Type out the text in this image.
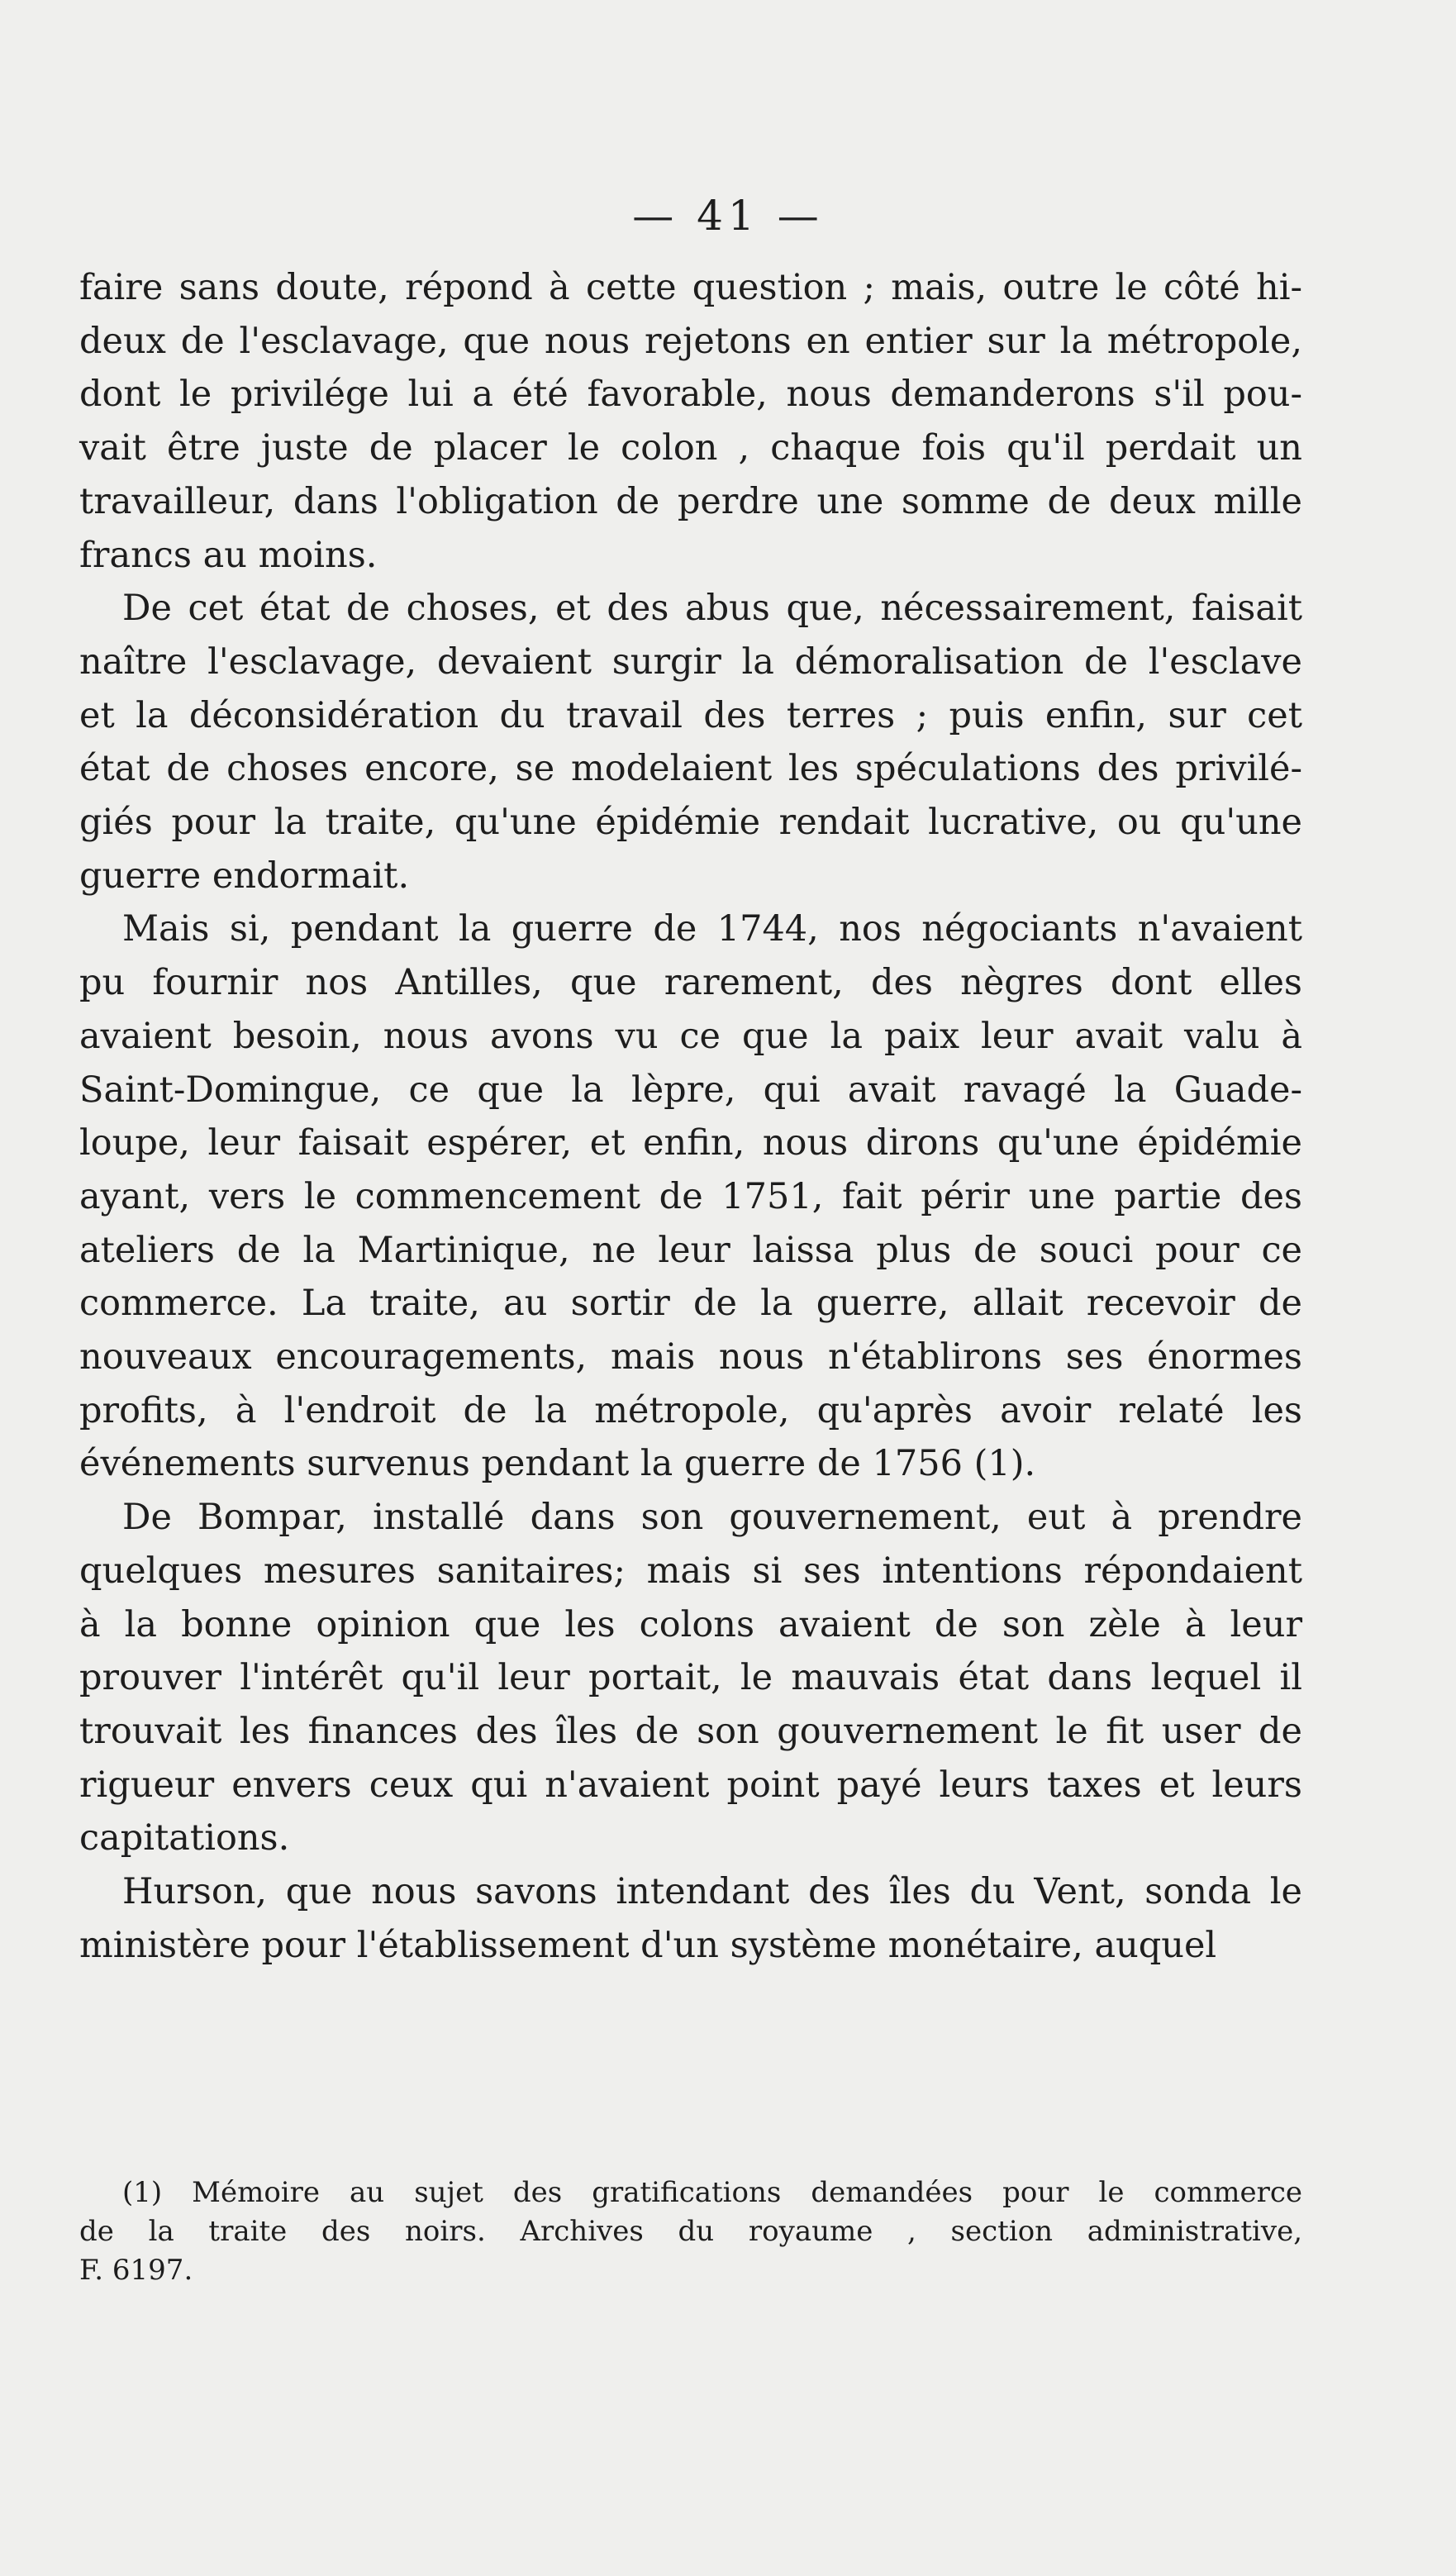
— 41 —

faire sans doute, répond à cette question ; mais, outre le côté hi-

deux de l'esclavage, que nous rejetons en entier sur la métropole,

dont le privilége lui a été favorable, nous demanderons s'il pou-

vait être juste de placer le colon , chaque fois qu'il perdait un

travailleur, dans l'obligation de perdre une somme de deux mille

francs au moins.

De cet état de choses, et des abus que, nécessairement, faisait

naître l'esclavage, devaient surgir la démoralisation de l'esclave

et la déconsidération du travail des terres ; puis enfin, sur cet

état de choses encore, se modelaient les spéculations des privilé-

giés pour la traite, qu'une épidémie rendait lucrative, ou qu'une

guerre endormait.

Mais si, pendant la guerre de 1744, nos négociants n'avaient

pu fournir nos Antilles, que rarement, des nègres dont elles

avaient besoin, nous avons vu ce que la paix leur avait valu à

Saint-Domingue, ce que la lèpre, qui avait ravagé la Guade-

loupe, leur faisait espérer, et enfin, nous dirons qu'une épidémie

ayant, vers le commencement de 1751, fait périr une partie des

ateliers de la Martinique, ne leur laissa plus de souci pour ce

commerce. La traite, au sortir de la guerre, allait recevoir de

nouveaux encouragements, mais nous n'établirons ses énormes

profits, à l'endroit de la métropole, qu'après avoir relaté les

événements survenus pendant la guerre de 1756 (1).

De Bompar, installé dans son gouvernement, eut à prendre

quelques mesures sanitaires; mais si ses intentions répondaient

à la bonne opinion que les colons avaient de son zèle à leur

prouver l'intérêt qu'il leur portait, le mauvais état dans lequel il

trouvait les finances des îles de son gouvernement le fit user de

rigueur envers ceux qui n'avaient point payé leurs taxes et leurs

capitations.

Hurson, que nous savons intendant des îles du Vent, sonda le

ministère pour l'établissement d'un système monétaire, auquel

(1) Mémoire au sujet des gratifications demandées pour le commerce

de la traite des noirs. Archives du royaume , section administrative,

F. 6197.
